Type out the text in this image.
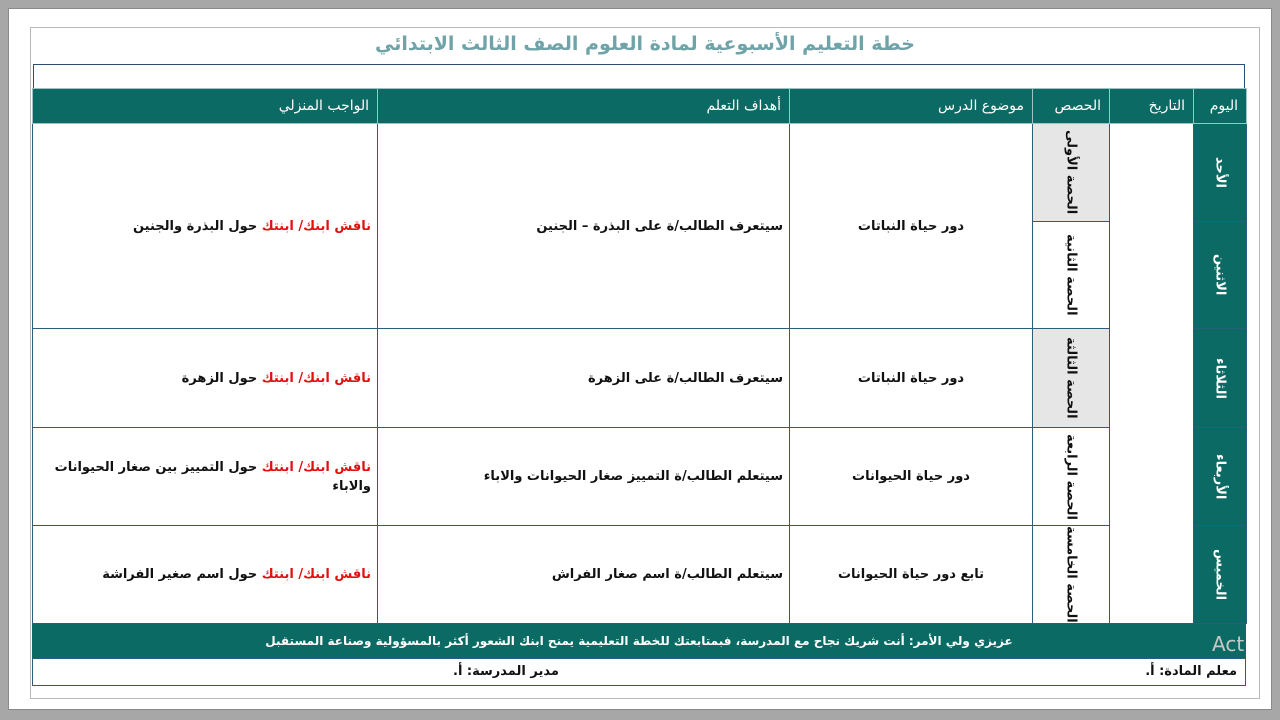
خطة التعليم الأسبوعية لمادة العلوم الصف الثالث الابتدائي
اليوم	التاريخ	الحصص	موضوع الدرس	أهداف التعلم	الواجب المنزلي

الأحد		الحصة الأولى	دور حياة النباتات	سيتعرف الطالب/ة على البذرة – الجنين	ناقش ابنك/ ابنتك حول البذرة والجنين

الاثنين		الحصة الثانية			

الثلاثاء		الحصة الثالثة	دور حياة النباتات	سيتعرف الطالب/ة على الزهرة	ناقش ابنك/ ابنتك حول الزهرة

الأربعاء		الحصة الرابعة	دور حياة الحيوانات	سيتعلم الطالب/ة التمييز صغار الحيوانات والاباء	ناقش ابنك/ ابنتك حول التمييز بين صغار الحيوانات والاباء

الخميس		الحصة الخامسة	تابع دور حياة الحيوانات	سيتعلم الطالب/ة اسم صغار الفراش	ناقش ابنك/ ابنتك حول اسم صغير الفراشة
عزيزي ولي الأمر: أنت شريك نجاح مع المدرسة، فبمتابعتك للخطة التعليمية يمنح ابنك الشعور أكثر بالمسؤولية وصناعة المستقبل
معلم المادة: أ.
مدير المدرسة: أ.
Act
